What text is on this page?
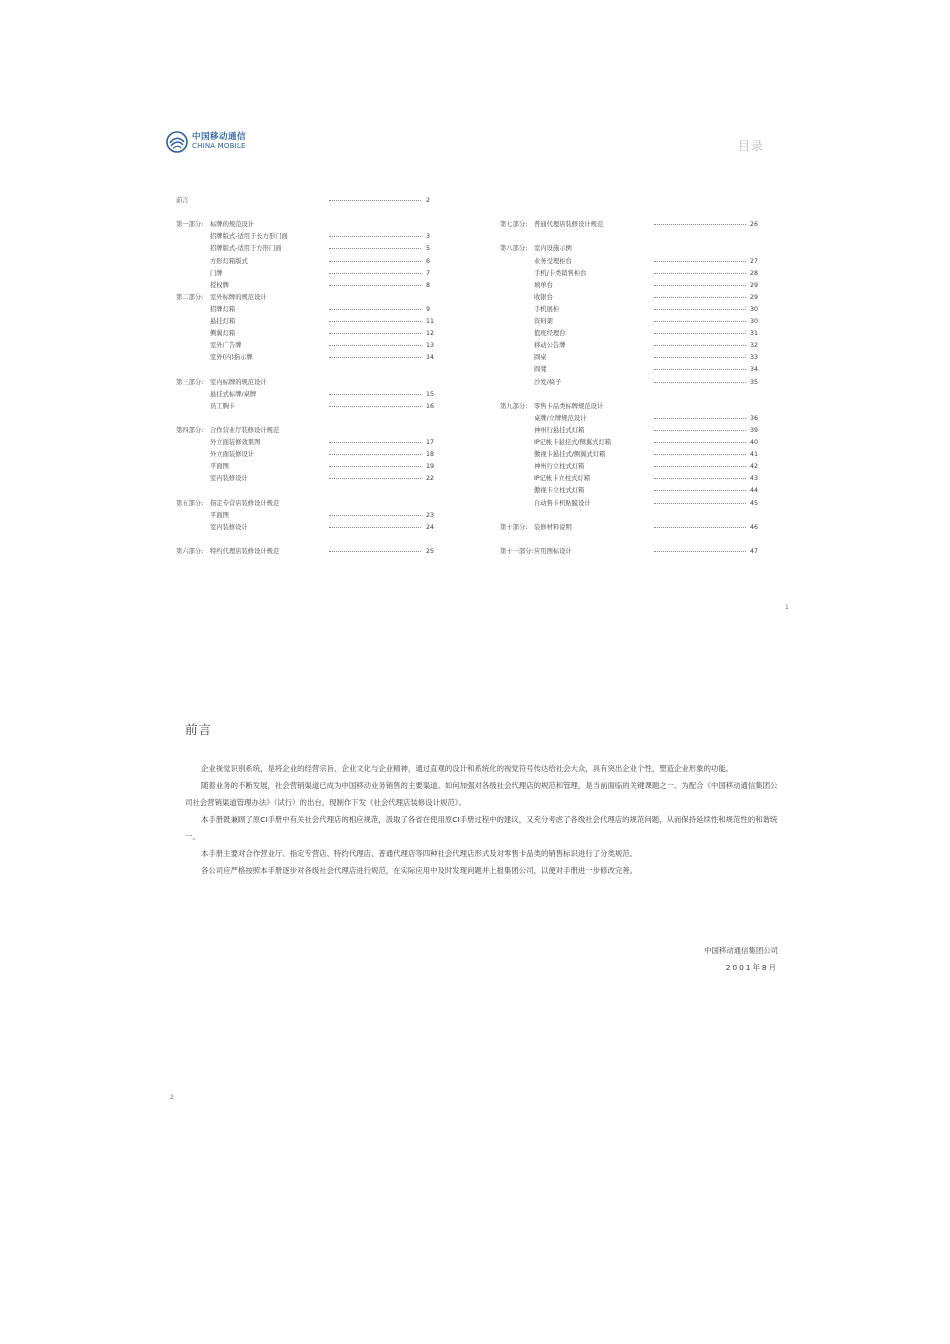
中国移动通信
CHINA MOBILE	目录
前言	2
第一部分: 标牌的规范设计
招牌版式-适用于长方形门面	3
招牌版式-适用于方形门面	5
方形灯箱版式	6
门牌	7
授权牌	8
第二部分: 室外标牌的规范设计
招牌灯箱	9
悬挂灯箱	11
侧翼灯箱	12
室外广告牌	13
室外(内)指示牌	14
第三部分: 室内标牌的规范设计
悬挂式标牌/桌牌	15
员工胸卡	16
第四部分: 合作营业厅装修设计规范
外立面装修效果图	17
外立面装修设计	18
平面图	19
室内装修设计	22
第五部分: 指定专营店装修设计规范
平面图	23
室内装修设计	24
第六部分: 特约代理店装修设计规范	25
第七部分: 普通代理店装修设计规范	26
第八部分: 室内设施示例
业务受理柜台	27
手机/卡类销售柜台	28
填单台	29
收银台	29
手机展柜	30
资料架	30
值班经理台	31
移动公告牌	32
圆桌	33
圆凳	34
沙发/椅子	35
第九部分: 零售卡品类标牌规范设计
桌牌/立牌规范设计	36
神州行悬挂式灯箱	39
IP记帐卡悬挂式/侧翼式灯箱	40
傲视卡悬挂式/侧翼式灯箱	41
神州行立柱式灯箱	42
IP记帐卡立柱式灯箱	43
傲视卡立柱式灯箱	44
自动售卡机贴膜设计	45
第十部分: 装修材料说明	46
第十一部分: 应用图标设计	47
1
前言

企业视觉识别系统，是将企业的经营宗旨、企业文化与企业精神，通过直观的设计和系统化的视觉符号传达给社会大众，具有突出企业个性，塑造企业形象的功能。

随着业务的不断发展，社会营销渠道已成为中国移动业务销售的主要渠道。如何加强对各级社会代理店的规范和管理，是当前面临的关键课题之一。为配合《中国移动通信集团公司社会营销渠道管理办法》（试行）的出台，现制作下发《社会代理店装修设计规范》。

本手册既兼顾了原CI手册中有关社会代理店的相应规范，汲取了各省在使用原CI手册过程中的建议，又充分考虑了各级社会代理店的规范问题，从而保持延续性和规范性的和谐统一。

本手册主要对合作营业厅、指定专营店、特约代理店、普通代理店等四种社会代理店形式及对零售卡品类的销售标识进行了分类规范。

各公司应严格按照本手册逐步对各级社会代理店进行规范，在实际应用中及时发现问题并上报集团公司，以便对手册进一步修改完善。

中国移动通信集团公司
2001年8月
2
